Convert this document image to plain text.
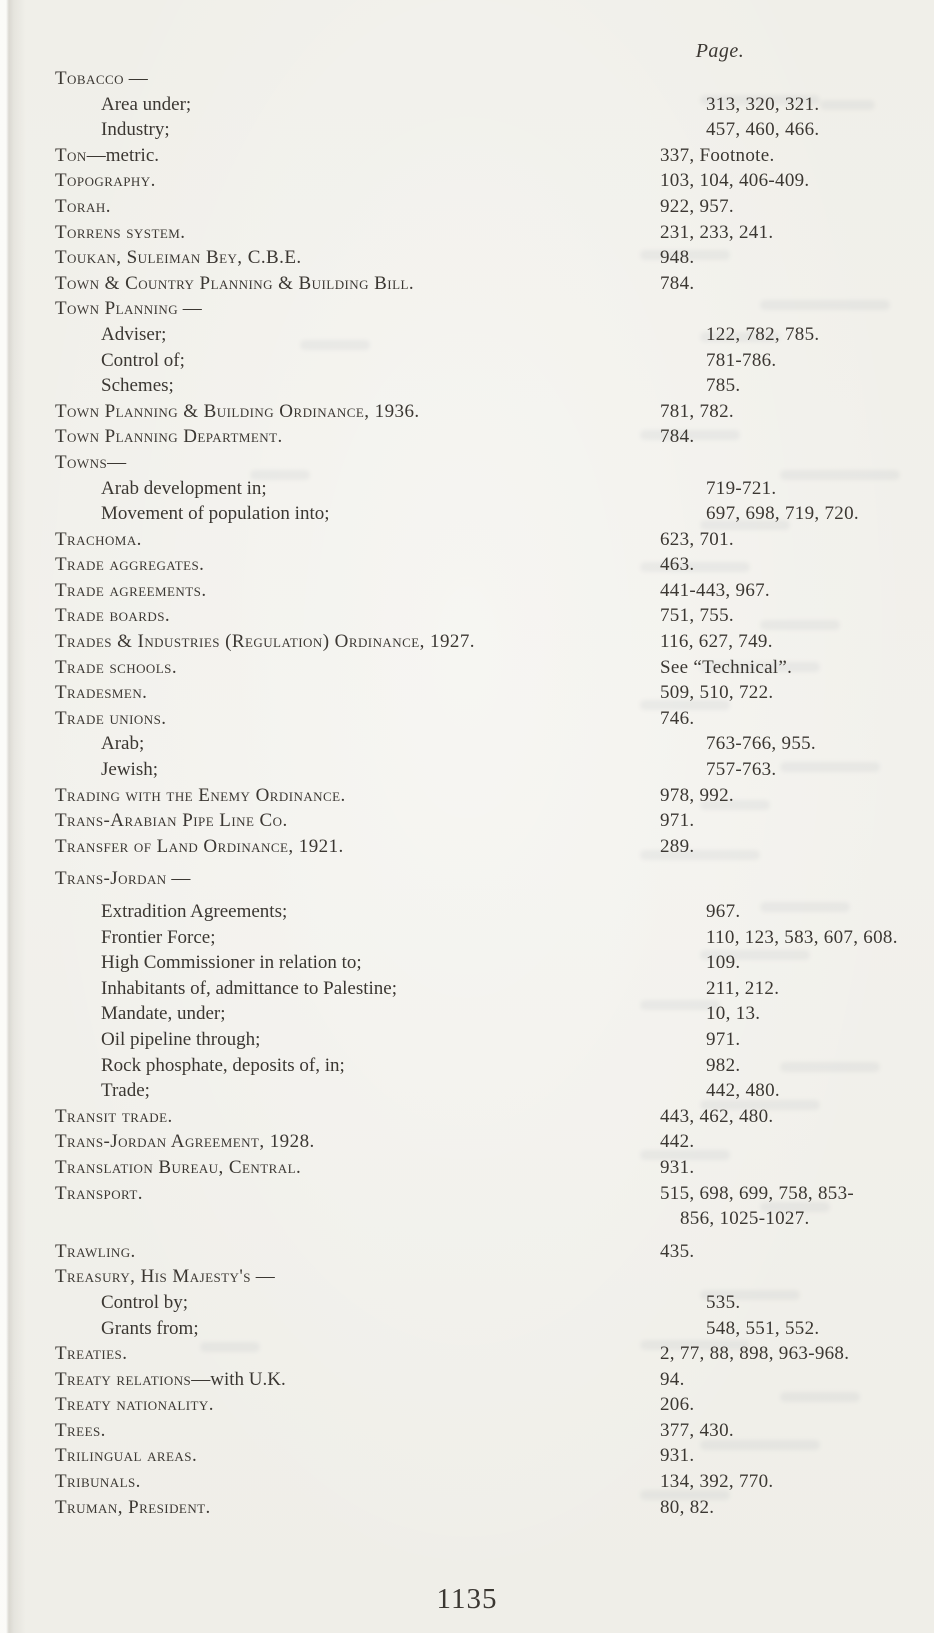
Page.
Tobacco —
Area under;	313, 320, 321.
Industry;	457, 460, 466.
Ton—metric.	337, Footnote.
Topography.	103, 104, 406-409.
Torah.	922, 957.
Torrens system.	231, 233, 241.
Toukan, Suleiman Bey, C.B.E.	948.
Town & Country Planning & Building Bill.	784.
Town Planning —
Adviser;	122, 782, 785.
Control of;	781-786.
Schemes;	785.
Town Planning & Building Ordinance, 1936.	781, 782.
Town Planning Department.	784.
Towns—
Arab development in;	719-721.
Movement of population into;	697, 698, 719, 720.
Trachoma.	623, 701.
Trade aggregates.	463.
Trade agreements.	441-443, 967.
Trade boards.	751, 755.
Trades & Industries (Regulation) Ordinance, 1927.	116, 627, 749.
Trade schools.	See “Technical”.
Tradesmen.	509, 510, 722.
Trade unions.	746.
Arab;	763-766, 955.
Jewish;	757-763.
Trading with the Enemy Ordinance.	978, 992.
Trans-Arabian Pipe Line Co.	971.
Transfer of Land Ordinance, 1921.	289.
Trans-Jordan —
Extradition Agreements;	967.
Frontier Force;	110, 123, 583, 607, 608.
High Commissioner in relation to;	109.
Inhabitants of, admittance to Palestine;	211, 212.
Mandate, under;	10, 13.
Oil pipeline through;	971.
Rock phosphate, deposits of, in;	982.
Trade;	442, 480.
Transit trade.	443, 462, 480.
Trans-Jordan Agreement, 1928.	442.
Translation Bureau, Central.	931.
Transport.	515, 698, 699, 758, 853-
856, 1025-1027.
Trawling.	435.
Treasury, His Majesty's —
Control by;	535.
Grants from;	548, 551, 552.
Treaties.	2, 77, 88, 898, 963-968.
Treaty relations—with U.K.	94.
Treaty nationality.	206.
Trees.	377, 430.
Trilingual areas.	931.
Tribunals.	134, 392, 770.
Truman, President.	80, 82.
1135
